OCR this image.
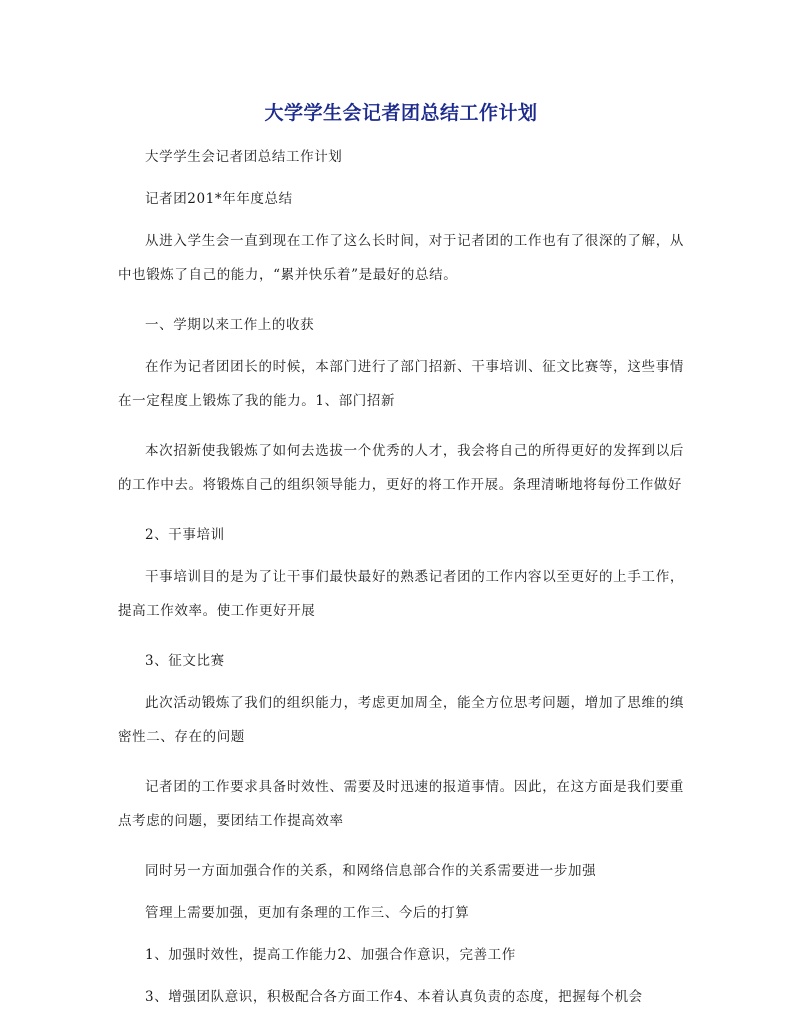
大学学生会记者团总结工作计划

大学学生会记者团总结工作计划

记者团201*年年度总结

从进入学生会一直到现在工作了这么长时间，对于记者团的工作也有了很深的了解，从中也锻炼了自己的能力，“累并快乐着”是最好的总结。

一、学期以来工作上的收获

在作为记者团团长的时候，本部门进行了部门招新、干事培训、征文比赛等，这些事情在一定程度上锻炼了我的能力。1、部门招新

本次招新使我锻炼了如何去选拔一个优秀的人才，我会将自己的所得更好的发挥到以后的工作中去。将锻炼自己的组织领导能力，更好的将工作开展。条理清晰地将每份工作做好

2、干事培训

干事培训目的是为了让干事们最快最好的熟悉记者团的工作内容以至更好的上手工作，提高工作效率。使工作更好开展

3、征文比赛

此次活动锻炼了我们的组织能力，考虑更加周全，能全方位思考问题，增加了思维的缜密性二、存在的问题

记者团的工作要求具备时效性、需要及时迅速的报道事情。因此，在这方面是我们要重点考虑的问题，要团结工作提高效率

同时另一方面加强合作的关系，和网络信息部合作的关系需要进一步加强

管理上需要加强，更加有条理的工作三、今后的打算

1、加强时效性，提高工作能力2、加强合作意识，完善工作

3、增强团队意识，积极配合各方面工作4、本着认真负责的态度，把握每个机会
